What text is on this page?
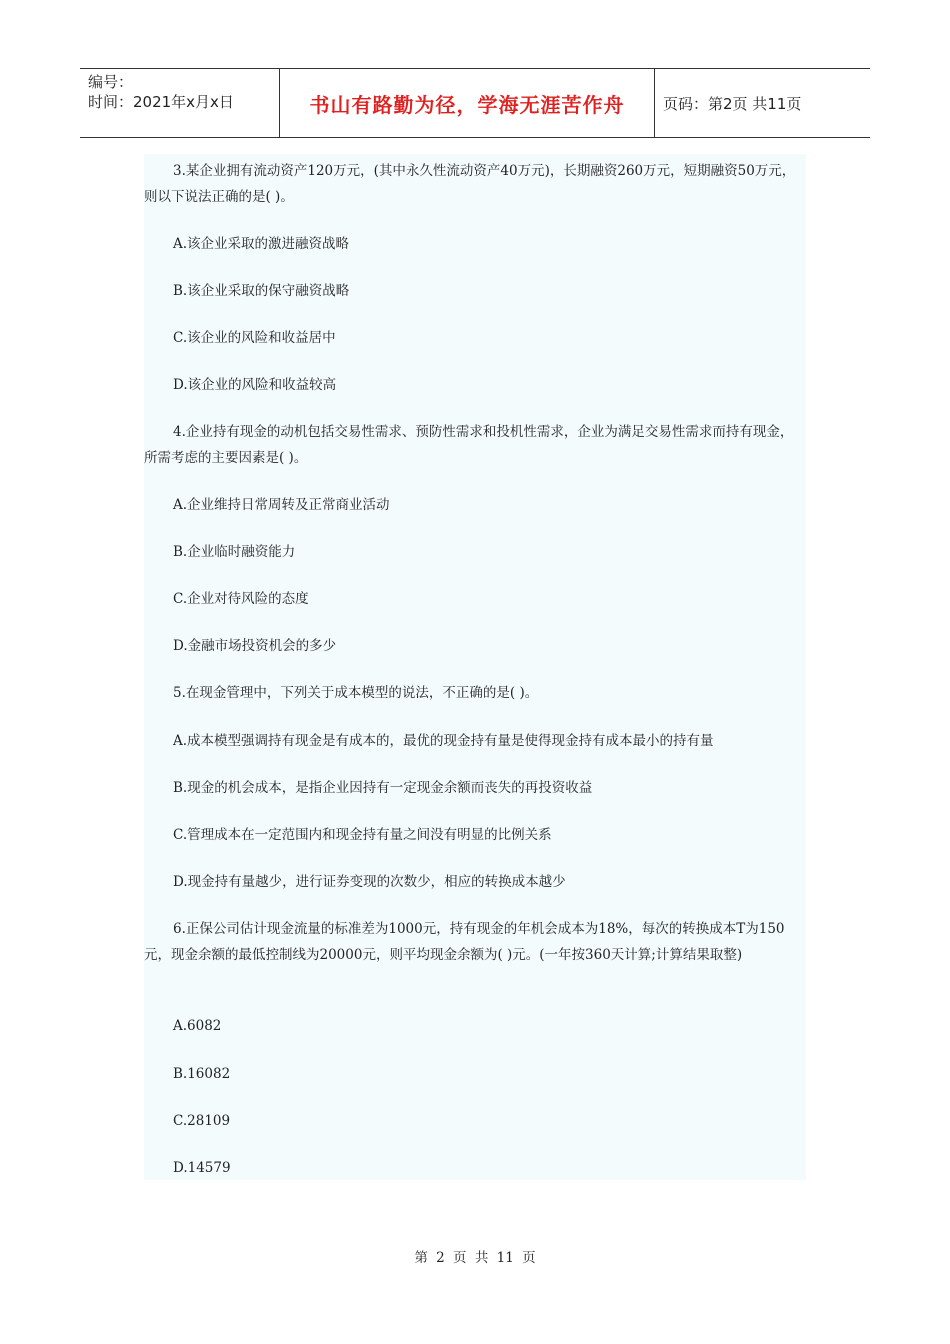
编号：
时间：2021年x月x日	书山有路勤为径，学海无涯苦作舟	页码：第2页 共11页
3.某企业拥有流动资产120万元，(其中永久性流动资产40万元)，长期融资260万元，短期融资50万元，则以下说法正确的是( )。
A.该企业采取的激进融资战略
B.该企业采取的保守融资战略
C.该企业的风险和收益居中
D.该企业的风险和收益较高
4.企业持有现金的动机包括交易性需求、预防性需求和投机性需求，企业为满足交易性需求而持有现金，所需考虑的主要因素是( )。
A.企业维持日常周转及正常商业活动
B.企业临时融资能力
C.企业对待风险的态度
D.金融市场投资机会的多少
5.在现金管理中，下列关于成本模型的说法，不正确的是( )。
A.成本模型强调持有现金是有成本的，最优的现金持有量是使得现金持有成本最小的持有量
B.现金的机会成本，是指企业因持有一定现金余额而丧失的再投资收益
C.管理成本在一定范围内和现金持有量之间没有明显的比例关系
D.现金持有量越少，进行证券变现的次数少，相应的转换成本越少
6.正保公司估计现金流量的标准差为1000元，持有现金的年机会成本为18%，每次的转换成本T为150元，现金余额的最低控制线为20000元，则平均现金余额为( )元。(一年按360天计算;计算结果取整)
A.6082
B.16082
C.28109
D.14579
第 2 页 共 11 页
